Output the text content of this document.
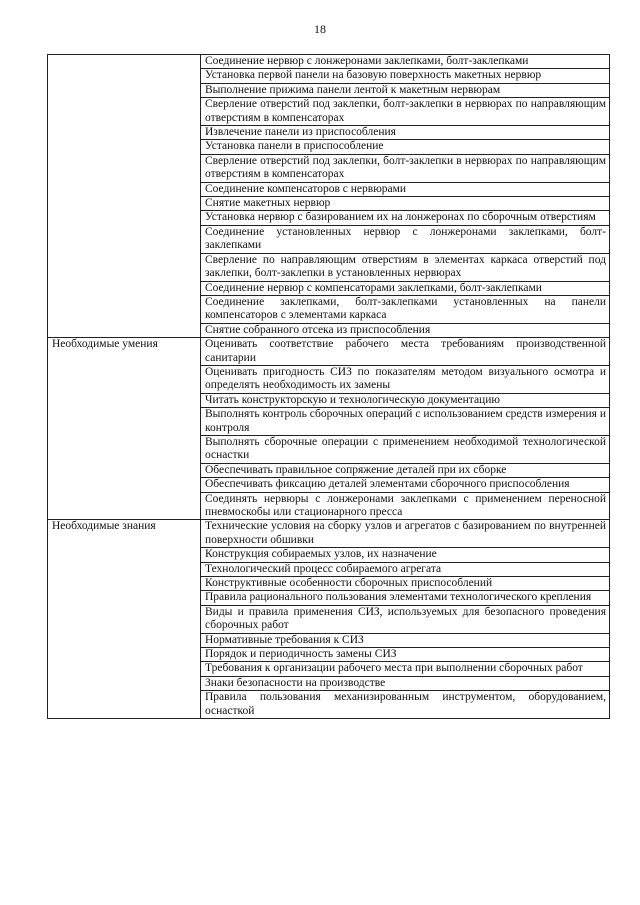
18
	Соединение нервюр с лонжеронами заклепками, болт-заклепками
	Установка первой панели на базовую поверхность макетных нервюр
	Выполнение прижима панели лентой к макетным нервюрам
	Сверление отверстий под заклепки, болт-заклепки в нервюрах по направляющим отверстиям в компенсаторах
	Извлечение панели из приспособления
	Установка панели в приспособление
	Сверление отверстий под заклепки, болт-заклепки в нервюрах по направляющим отверстиям в компенсаторах
	Соединение компенсаторов с нервюрами
	Снятие макетных нервюр
	Установка нервюр с базированием их на лонжеронах по сборочным отверстиям
	Соединение установленных нервюр с лонжеронами заклепками, болт-заклепками
	Сверление по направляющим отверстиям в элементах каркаса отверстий под заклепки, болт-заклепки в установленных нервюрах
	Соединение нервюр с компенсаторами заклепками, болт-заклепками
	Соединение заклепками, болт-заклепками установленных на панели компенсаторов с элементами каркаса
	Снятие собранного отсека из приспособления
Необходимые умения	Оценивать соответствие рабочего места требованиям производственной санитарии
	Оценивать пригодность СИЗ по показателям методом визуального осмотра и определять необходимость их замены
	Читать конструкторскую и технологическую документацию
	Выполнять контроль сборочных операций с использованием средств измерения и контроля
	Выполнять сборочные операции с применением необходимой технологической оснастки
	Обеспечивать правильное сопряжение деталей при их сборке
	Обеспечивать фиксацию деталей элементами сборочного приспособления
	Соединять нервюры с лонжеронами заклепками с применением переносной пневмоскобы или стационарного пресса
Необходимые знания	Технические условия на сборку узлов и агрегатов с базированием по внутренней поверхности обшивки
	Конструкция собираемых узлов, их назначение
	Технологический процесс собираемого агрегата
	Конструктивные особенности сборочных приспособлений
	Правила рационального пользования элементами технологического крепления
	Виды и правила применения СИЗ, используемых для безопасного проведения сборочных работ
	Нормативные требования к СИЗ
	Порядок и периодичность замены СИЗ
	Требования к организации рабочего места при выполнении сборочных работ
	Знаки безопасности на производстве
	Правила пользования механизированным инструментом, оборудованием, оснасткой
